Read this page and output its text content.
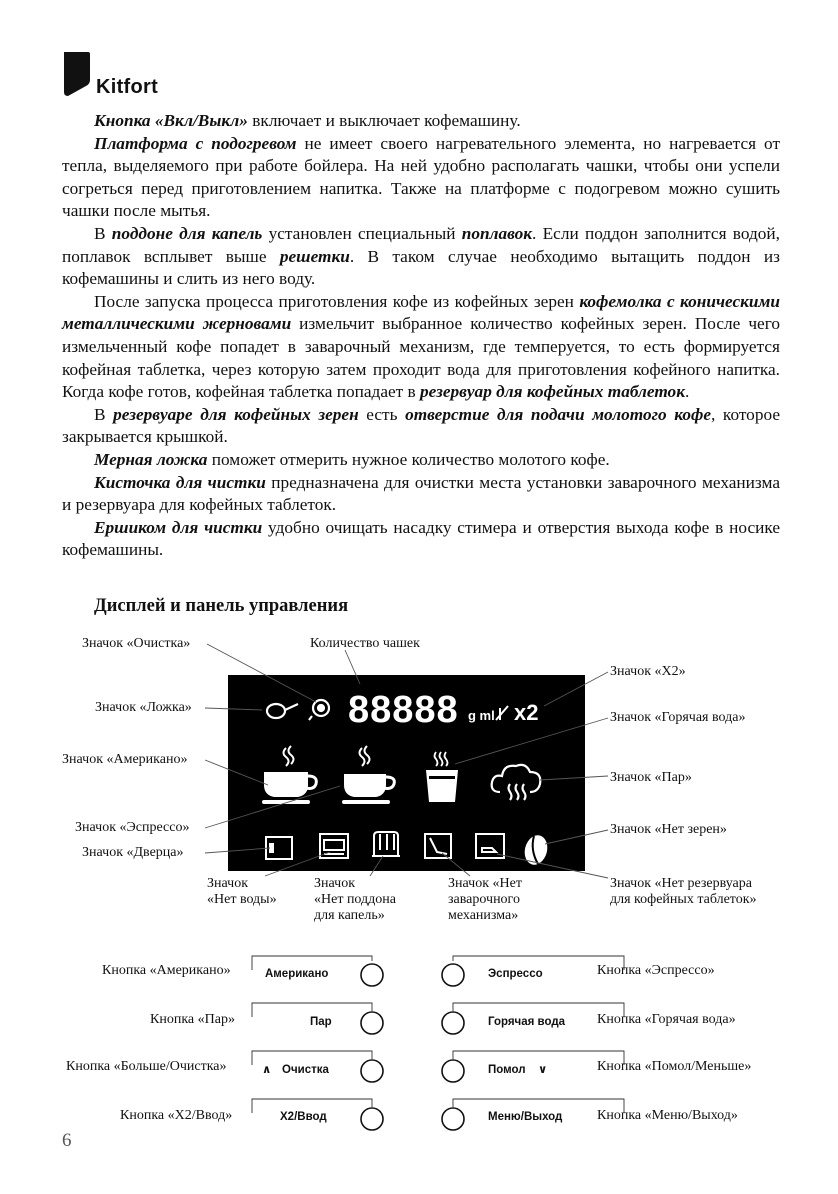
Kitfort

Кнопка «Вкл/Выкл» включает и выключает кофемашину.

Платформа с подогревом не имеет своего нагревательного элемента, но нагревается от тепла, выделяемого при работе бойлера. На ней удобно располагать чашки, чтобы они успели согреться перед приготовлением напитка. Также на платформе с подогревом можно сушить чашки после мытья.

В поддоне для капель установлен специальный поплавок. Если поддон заполнится водой, поплавок всплывет выше решетки. В таком случае необходимо вытащить поддон из кофемашины и слить из него воду.

После запуска процесса приготовления кофе из кофейных зерен кофемолка с коническими металлическими жерновами измельчит выбранное количество кофейных зерен. После чего измельченный кофе попадет в заварочный механизм, где темперуется, то есть формируется кофейная таблетка, через которую затем проходит вода для приготовления кофейного напитка. Когда кофе готов, кофейная таблетка попадает в резервуар для кофейных таблеток.

В резервуаре для кофейных зерен есть отверстие для подачи молотого кофе, которое закрывается крышкой.

Мерная ложка поможет отмерить нужное количество молотого кофе.

Кисточка для чистки предназначена для очистки места установки заварочного механизма и резервуара для кофейных таблеток.

Ершиком для чистки удобно очищать насадку стимера и отверстия выхода кофе в носике кофемашины.

Дисплей и панель управления
88888 g ml x2
Значок «Очистка»	Количество чашек
Значок «X2»
Значок «Ложка»
Значок «Горячая вода»
Значок «Американо»
Значок «Пар»
Значок «Эспрессо»	Значок «Нет зерен»
Значок «Дверца»
Значок
«Нет воды»
Значок
«Нет поддона
для капель»
Значок «Нет
заварочного
механизма»
Значок «Нет резервуара
для кофейных таблеток»
Кнопка «Американо»	Американо
Кнопка «Пар»	Пар
Кнопка «Больше/Очистка»	∧ Очистка
Кнопка «X2/Ввод»	X2/Ввод
Эспрессо	Кнопка «Эспрессо»
Горячая вода Кнопка «Горячая вода»
Помол ∨	Кнопка «Помол/Меньше»
Меню/Выход Кнопка «Меню/Выход»
6
